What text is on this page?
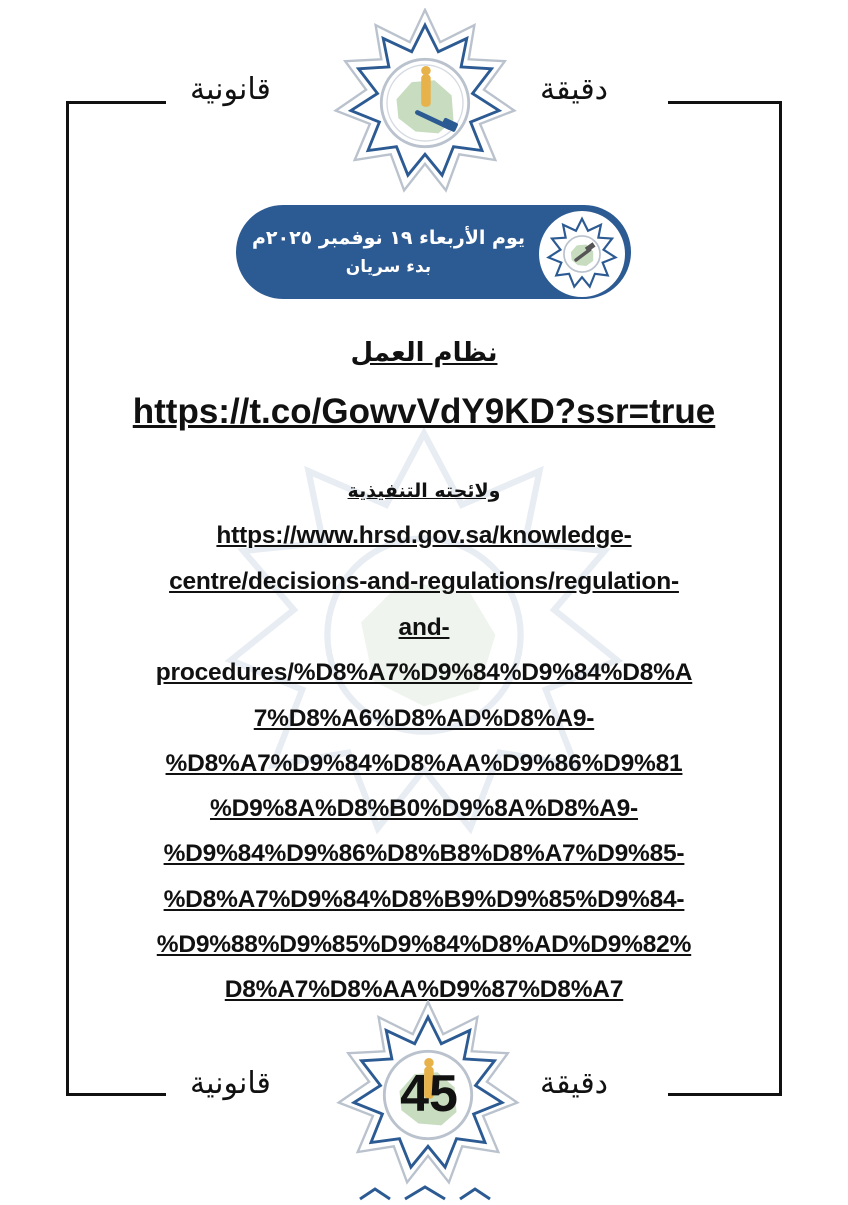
دقيقة
قانونية
يوم الأربعاء ١٩ نوفمبر ٢٠٢٥م
بدء سريان
نظام العمل
https://t.co/GowvVdY9KD?ssr=true
ولائحته التنفيذية
https://www.hrsd.gov.sa/knowledge-
centre/decisions-and-regulations/regulation-
and-
procedures/%D8%A7%D9%84%D9%84%D8%A
7%D8%A6%D8%AD%D8%A9-
%D8%A7%D9%84%D8%AA%D9%86%D9%81
%D9%8A%D8%B0%D9%8A%D8%A9-
%D9%84%D9%86%D8%B8%D8%A7%D9%85-
%D8%A7%D9%84%D8%B9%D9%85%D9%84-
%D9%88%D9%85%D9%84%D8%AD%D9%82%
D8%A7%D8%AA%D9%87%D8%A7
دقيقة
قانونية	45
